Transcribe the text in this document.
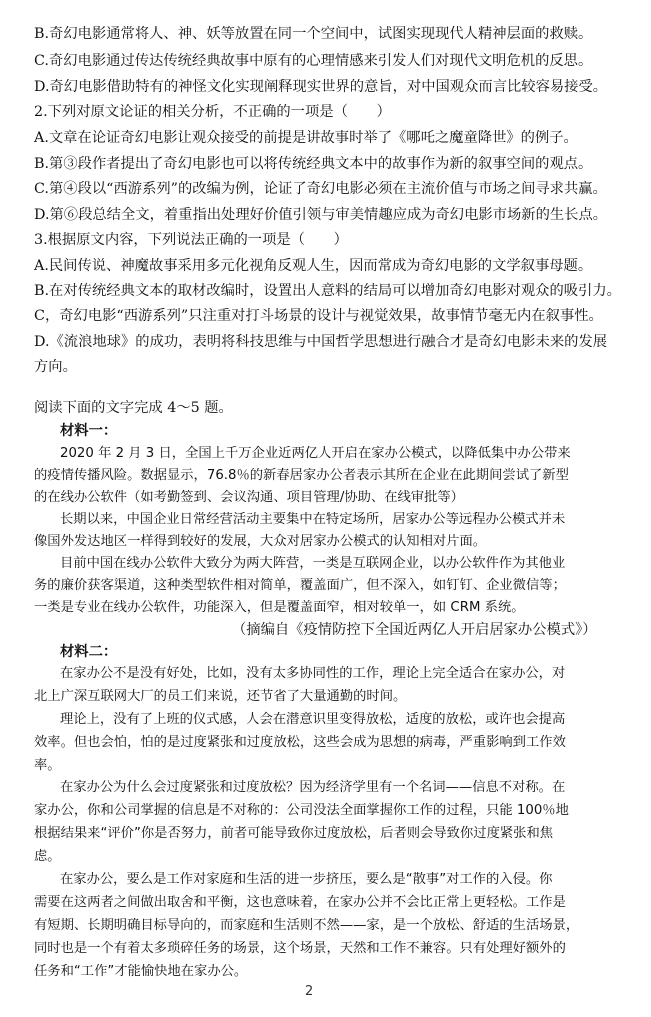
B.奇幻电影通常将人、神、妖等放置在同一个空间中，试图实现现代人精神层面的救赎。
C.奇幻电影通过传达传统经典故事中原有的心理情感来引发人们对现代文明危机的反思。
D.奇幻电影借助特有的神怪文化实现阐释现实世界的意旨，对中国观众而言比较容易接受。
2.下列对原文论证的相关分析，不正确的一项是（　　）
A.文章在论证奇幻电影让观众接受的前提是讲故事时举了《哪吒之魔童降世》的例子。
B.第③段作者提出了奇幻电影也可以将传统经典文本中的故事作为新的叙事空间的观点。
C.第④段以“西游系列”的改编为例，论证了奇幻电影必须在主流价值与市场之间寻求共赢。
D.第⑥段总结全文，着重指出处理好价值引领与审美情趣应成为奇幻电影市场新的生长点。
3.根据原文内容，下列说法正确的一项是（　　）
A.民间传说、神魔故事采用多元化视角反观人生，因而常成为奇幻电影的文学叙事母题。
B.在对传统经典文本的取材改编时，设置出人意料的结局可以增加奇幻电影对观众的吸引力。
C，奇幻电影“西游系列”只注重对打斗场景的设计与视觉效果，故事情节毫无内在叙事性。
D.《流浪地球》的成功，表明将科技思维与中国哲学思想进行融合才是奇幻电影未来的发展
方向。
阅读下面的文字完成 4～5 题。
材料一：
2020 年 2 月 3 日，全国上千万企业近两亿人开启在家办公模式，以降低集中办公带来
的疫情传播风险。数据显示，76.8％的新春居家办公者表示其所在企业在此期间尝试了新型
的在线办公软件（如考勤签到、会议沟通、项目管理/协助、在线审批等）
长期以来，中国企业日常经营活动主要集中在特定场所，居家办公等远程办公模式并未
像国外发达地区一样得到较好的发展，大众对居家办公模式的认知相对片面。
目前中国在线办公软件大致分为两大阵营，一类是互联网企业，以办公软件作为其他业
务的廉价获客渠道，这种类型软件相对简单，覆盖面广，但不深入，如钉钉、企业微信等；
一类是专业在线办公软件，功能深入，但是覆盖面窄，相对较单一，如 CRM 系统。
（摘编自《疫情防控下全国近两亿人开启居家办公模式》）
材料二：
在家办公不是没有好处，比如，没有太多协同性的工作，理论上完全适合在家办公，对
北上广深互联网大厂的员工们来说，还节省了大量通勤的时间。
理论上，没有了上班的仪式感，人会在潜意识里变得放松，适度的放松，或许也会提高
效率。但也会怕，怕的是过度紧张和过度放松，这些会成为思想的病毒，严重影响到工作效
率。
在家办公为什么会过度紧张和过度放松？因为经济学里有一个名词——信息不对称。在
家办公，你和公司掌握的信息是不对称的：公司没法全面掌握你工作的过程，只能 100％地
根据结果来“评价”你是否努力，前者可能导致你过度放松，后者则会导致你过度紧张和焦
虑。
在家办公，要么是工作对家庭和生活的进一步挤压，要么是“散事”对工作的入侵。你
需要在这两者之间做出取舍和平衡，这也意味着，在家办公并不会比正常上更轻松。工作是
有短期、长期明确目标导向的，而家庭和生活则不然——家，是一个放松、舒适的生活场景，
同时也是一个有着太多琐碎任务的场景，这个场景，天然和工作不兼容。只有处理好额外的
任务和“工作”才能愉快地在家办公。
2
